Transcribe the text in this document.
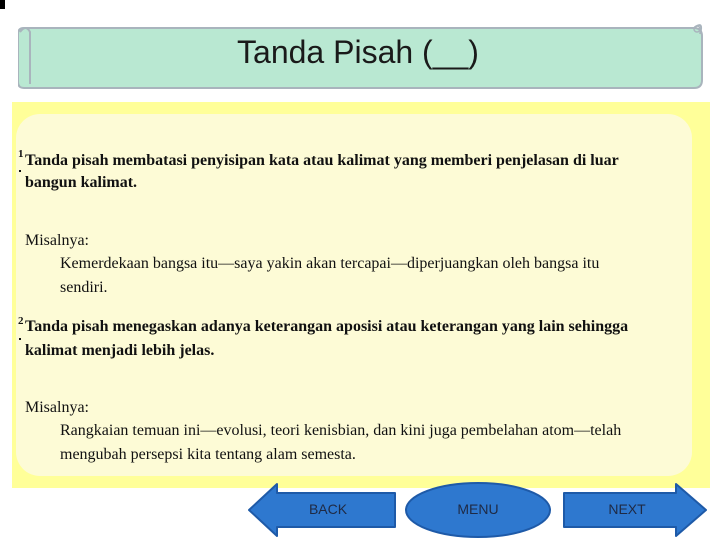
Tanda Pisah (__)
1 Tanda pisah membatasi penyisipan kata atau kalimat yang memberi penjelasan di luar
bangun kalimat.
Misalnya:
Kemerdekaan bangsa itu—saya yakin akan tercapai—diperjuangkan oleh bangsa itu
sendiri.
2 Tanda pisah menegaskan adanya keterangan aposisi atau keterangan yang lain sehingga
kalimat menjadi lebih jelas.
Misalnya:
Rangkaian temuan ini—evolusi, teori kenisbian, dan kini juga pembelahan atom—telah
mengubah persepsi kita tentang alam semesta.
BACK	MENU	NEXT
